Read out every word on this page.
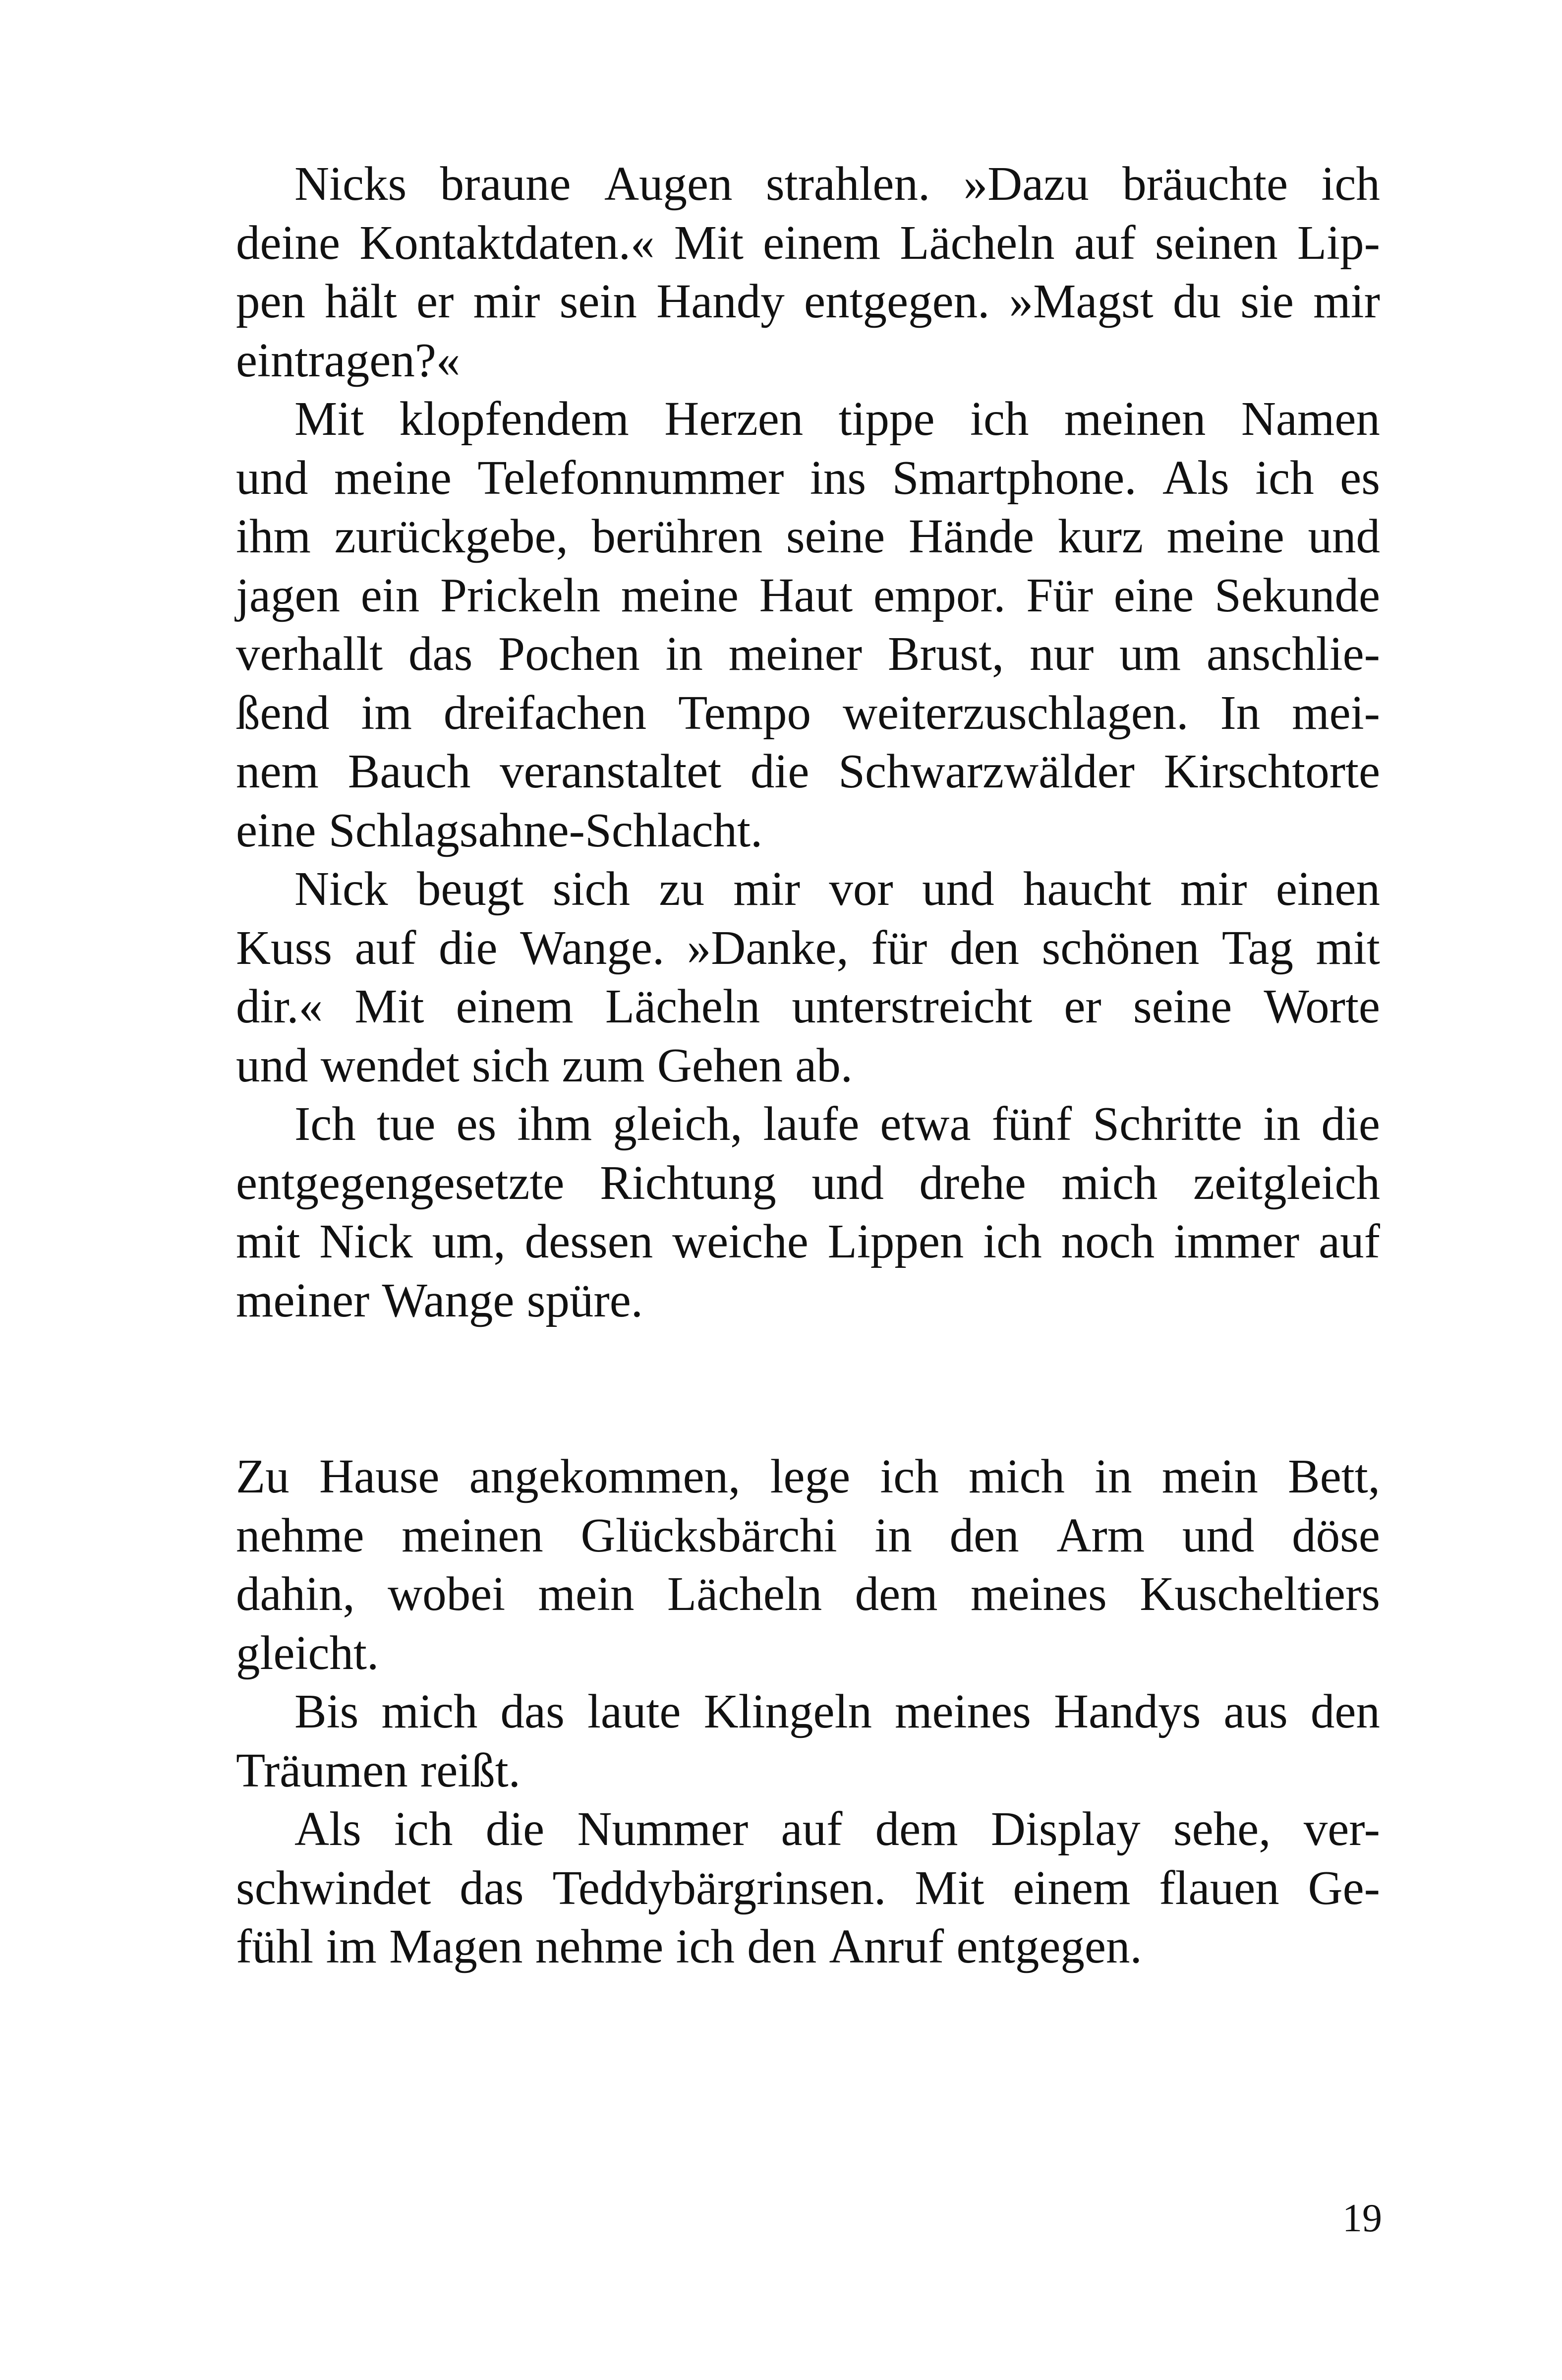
Nicks braune Augen strahlen. »Dazu bräuchte ich
deine Kontaktdaten.« Mit einem Lächeln auf seinen Lip-
pen hält er mir sein Handy entgegen. »Magst du sie mir
eintragen?«
Mit klopfendem Herzen tippe ich meinen Namen
und meine Telefonnummer ins Smartphone. Als ich es
ihm zurückgebe, berühren seine Hände kurz meine und
jagen ein Prickeln meine Haut empor. Für eine Sekunde
verhallt das Pochen in meiner Brust, nur um anschlie-
ßend im dreifachen Tempo weiterzuschlagen. In mei-
nem Bauch veranstaltet die Schwarzwälder Kirschtorte
eine Schlagsahne-Schlacht.
Nick beugt sich zu mir vor und haucht mir einen
Kuss auf die Wange. »Danke, für den schönen Tag mit
dir.« Mit einem Lächeln unterstreicht er seine Worte
und wendet sich zum Gehen ab.
Ich tue es ihm gleich, laufe etwa fünf Schritte in die
entgegengesetzte Richtung und drehe mich zeitgleich
mit Nick um, dessen weiche Lippen ich noch immer auf
meiner Wange spüre.
Zu Hause angekommen, lege ich mich in mein Bett,
nehme meinen Glücksbärchi in den Arm und döse
dahin, wobei mein Lächeln dem meines Kuscheltiers
gleicht.
Bis mich das laute Klingeln meines Handys aus den
Träumen reißt.
Als ich die Nummer auf dem Display sehe, ver-
schwindet das Teddybärgrinsen. Mit einem flauen Ge-
fühl im Magen nehme ich den Anruf entgegen.
19
